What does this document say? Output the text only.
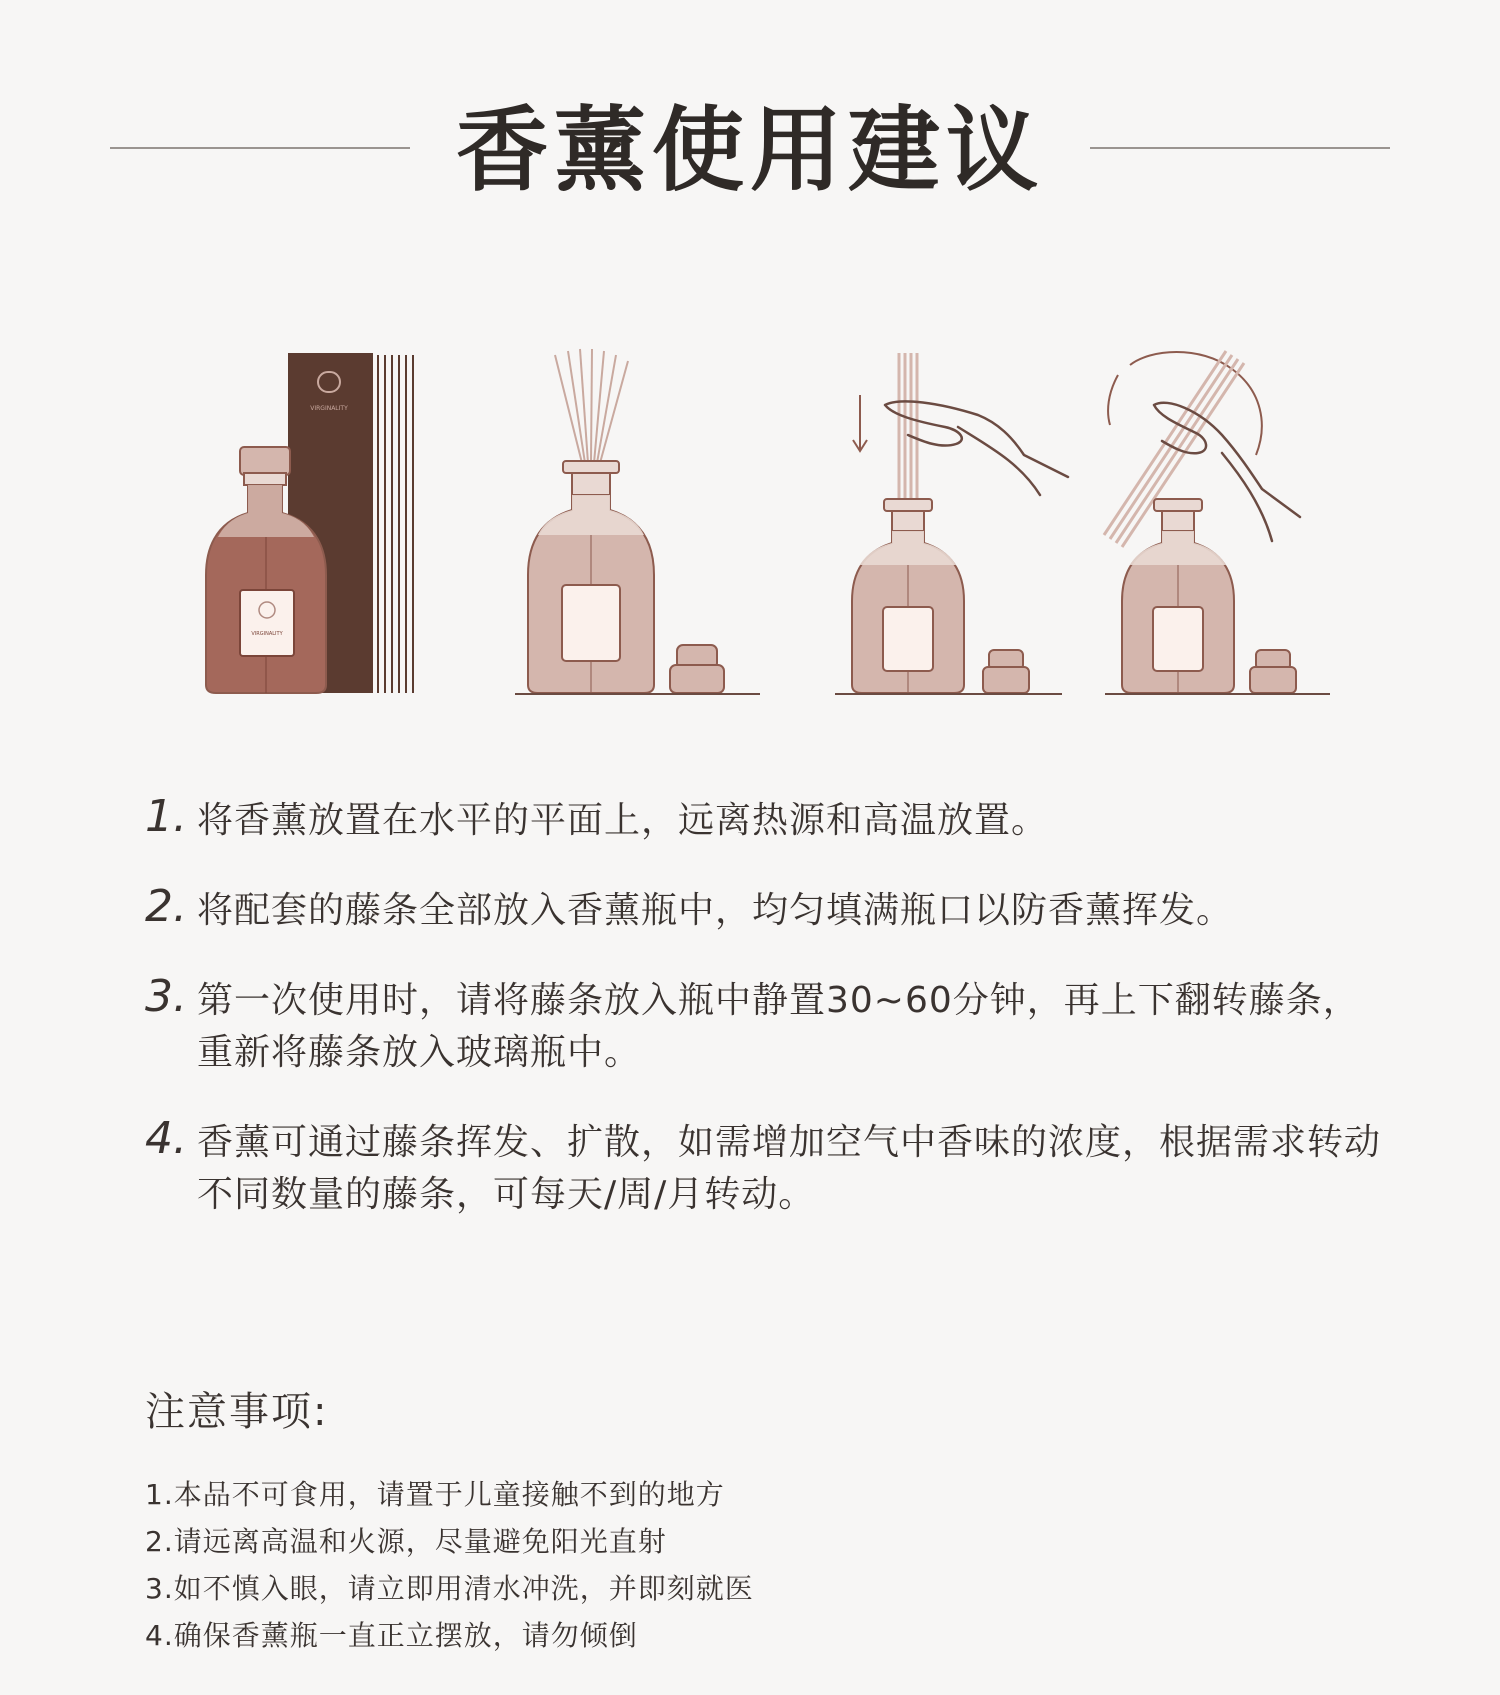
香薰使用建议
VIRGINALITY
VIRGINALITY
1. 将香薰放置在水平的平面上，远离热源和高温放置。
2. 将配套的藤条全部放入香薰瓶中，均匀填满瓶口以防香薰挥发。
3. 第一次使用时，请将藤条放入瓶中静置30~60分钟，再上下翻转藤条，重新将藤条放入玻璃瓶中。
4. 香薰可通过藤条挥发、扩散，如需增加空气中香味的浓度，根据需求转动不同数量的藤条，可每天/周/月转动。
注意事项:
1.本品不可食用，请置于儿童接触不到的地方
2.请远离高温和火源，尽量避免阳光直射
3.如不慎入眼，请立即用清水冲洗，并即刻就医
4.确保香薰瓶一直正立摆放，请勿倾倒
